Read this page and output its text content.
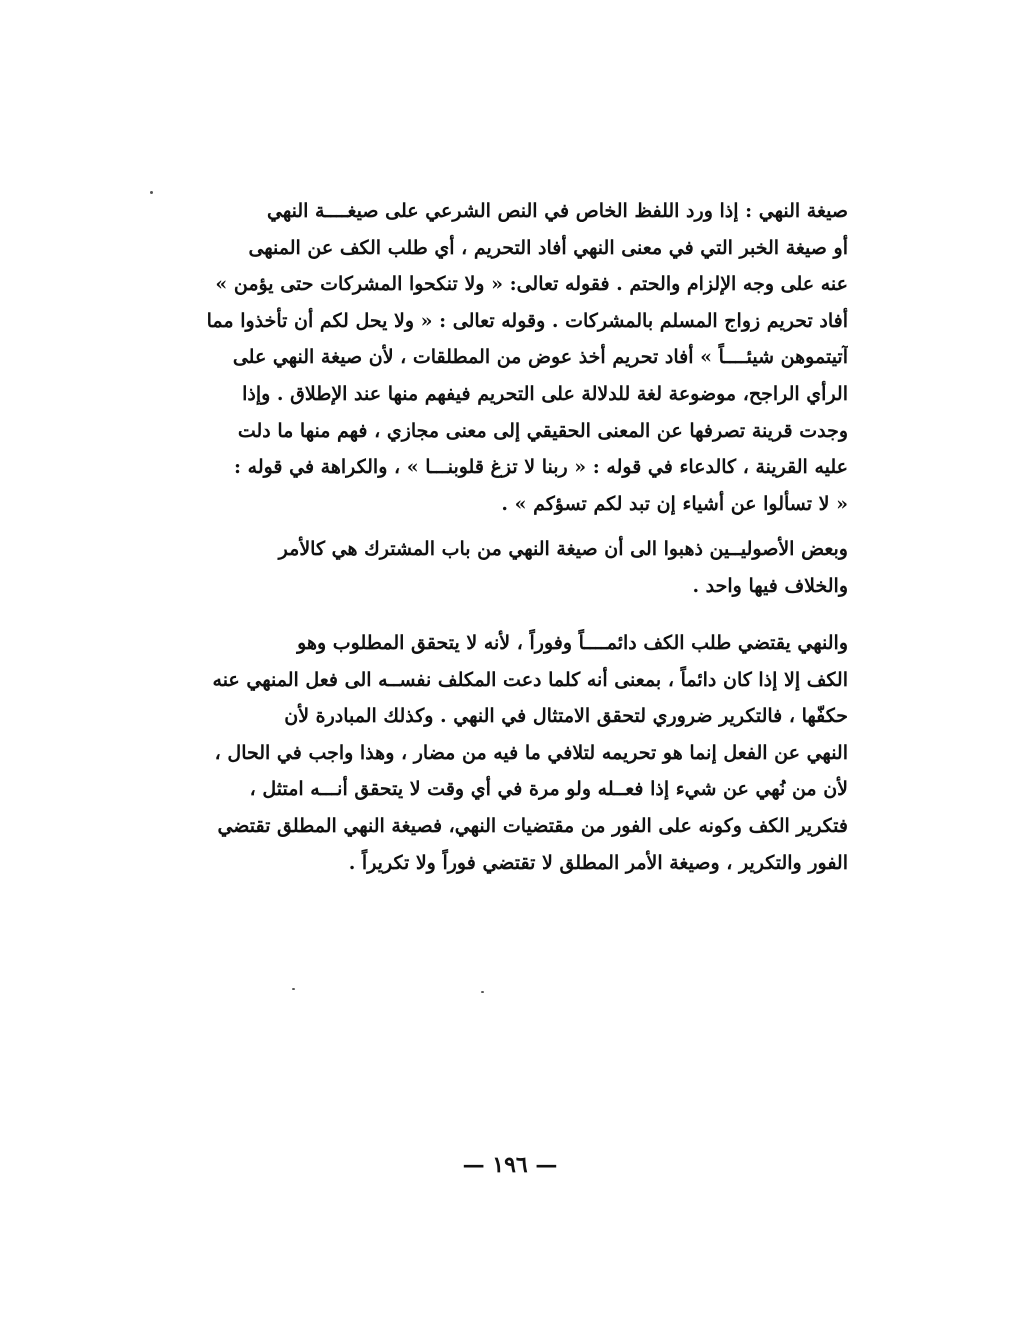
صيغة النهي : إذا ورد اللفظ الخاص في النص الشرعي على صيغــــة النهي
أو صيغة الخبر التي في معنى النهي أفاد التحريم ، أي طلب الكف عن المنهى
عنه على وجه الإلزام والحتم . فقوله تعالى: « ولا تنكحوا المشركات حتى يؤمن »
أفاد تحريم زواج المسلم بالمشركات . وقوله تعالى : « ولا يحل لكم أن تأخذوا مما
آتيتموهن شيئــــاً » أفاد تحريم أخذ عوض من المطلقات ، لأن صيغة النهي على
الرأي الراجح، موضوعة لغة للدلالة على التحريم فيفهم منها عند الإطلاق . وإذا
وجدت قرينة تصرفها عن المعنى الحقيقي إلى معنى مجازي ، فهم منها ما دلت
عليه القرينة ، كالدعاء في قوله : « ربنا لا تزغ قلوبنـــا » ، والكراهة في قوله :
« لا تسألوا عن أشياء إن تبد لكم تسؤكم » .
وبعض الأصوليــين ذهبوا الى أن صيغة النهي من باب المشترك هي كالأمر
والخلاف فيها واحد .
والنهي يقتضي طلب الكف دائمــــاً وفوراً ، لأنه لا يتحقق المطلوب وهو
الكف إلا إذا كان دائماً ، بمعنى أنه كلما دعت المكلف نفســه الى فعل المنهي عنه
حكفّها ، فالتكرير ضروري لتحقق الامتثال في النهي . وكذلك المبادرة لأن
النهي عن الفعل إنما هو تحريمه لتلافي ما فيه من مضار ، وهذا واجب في الحال ،
لأن من نُهي عن شيء إذا فعــله ولو مرة في أي وقت لا يتحقق أنـــه امتثل ،
فتكرير الكف وكونه على الفور من مقتضيات النهي، فصيغة النهي المطلق تقتضي
الفور والتكرير ، وصيغة الأمر المطلق لا تقتضي فوراً ولا تكريراً .
— ١٩٦ —
